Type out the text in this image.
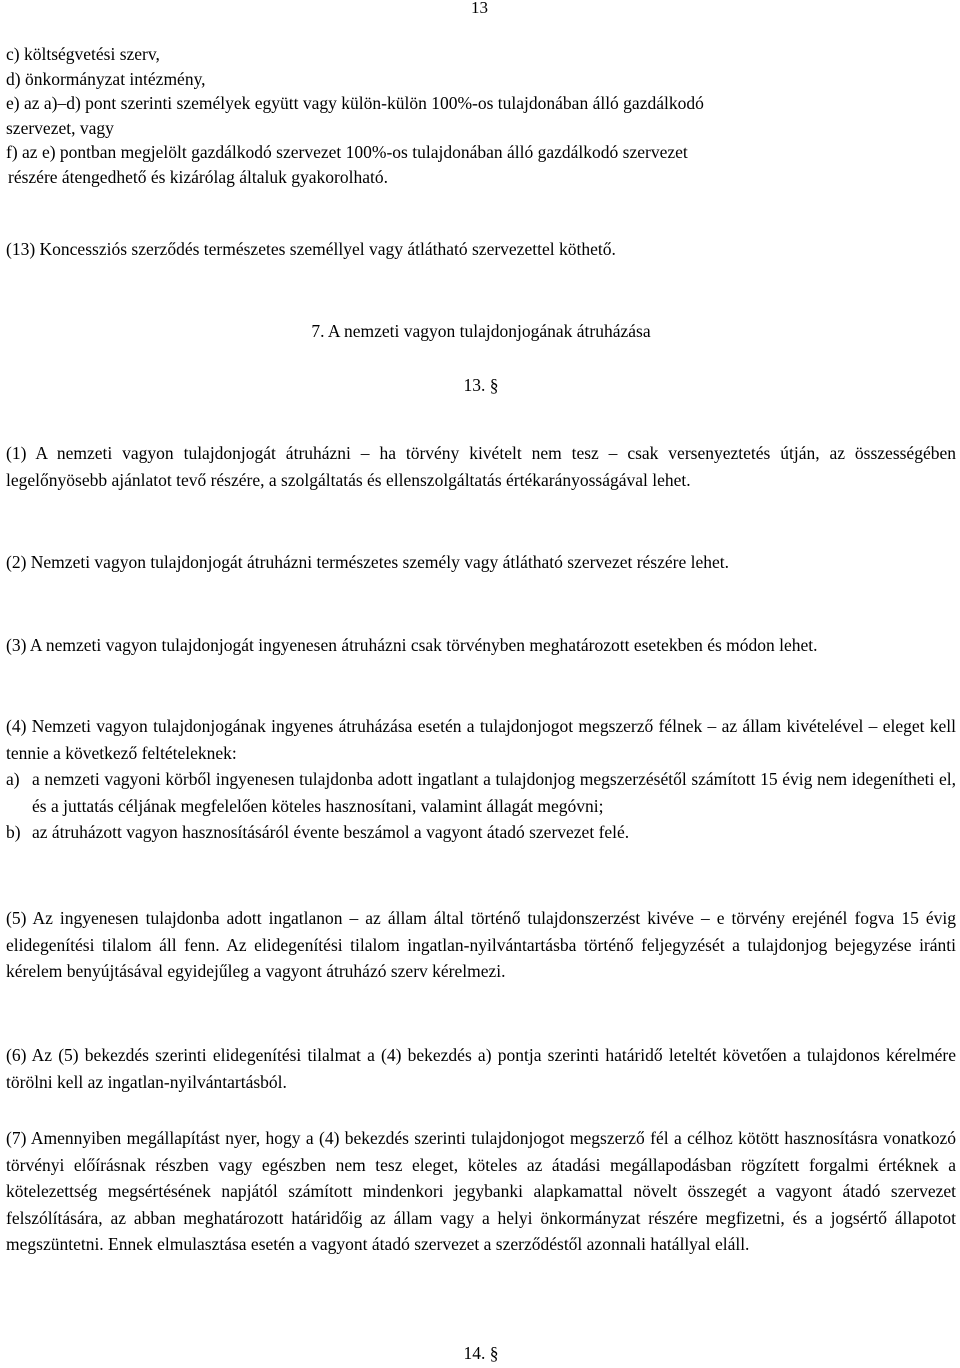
13
c) költségvetési szerv,
d) önkormányzat intézmény,
e) az a)–d) pont szerinti személyek együtt vagy külön-külön 100%-os tulajdonában álló gazdálkodó
szervezet, vagy
f) az e) pontban megjelölt gazdálkodó szervezet 100%-os tulajdonában álló gazdálkodó szervezet
részére átengedhető és kizárólag általuk gyakorolható.

(13) Koncessziós szerződés természetes személlyel vagy átlátható szervezettel köthető.

7. A nemzeti vagyon tulajdonjogának átruházása
13. §

(1) A nemzeti vagyon tulajdonjogát átruházni – ha törvény kivételt nem tesz – csak versenyeztetés útján, az összességében legelőnyösebb ajánlatot tevő részére, a szolgáltatás és ellenszolgáltatás értékarányosságával lehet.

(2) Nemzeti vagyon tulajdonjogát átruházni természetes személy vagy átlátható szervezet részére lehet.

(3) A nemzeti vagyon tulajdonjogát ingyenesen átruházni csak törvényben meghatározott esetekben és módon lehet.

(4) Nemzeti vagyon tulajdonjogának ingyenes átruházása esetén a tulajdonjogot megszerző félnek – az állam kivételével – eleget kell tennie a következő feltételeknek:

a) a nemzeti vagyoni körből ingyenesen tulajdonba adott ingatlant a tulajdonjog megszerzésétől számított 15 évig nem idegenítheti el, és a juttatás céljának megfelelően köteles hasznosítani, valamint állagát megóvni;
b) az átruházott vagyon hasznosításáról évente beszámol a vagyont átadó szervezet felé.

(5) Az ingyenesen tulajdonba adott ingatlanon – az állam által történő tulajdonszerzést kivéve – e törvény erejénél fogva 15 évig elidegenítési tilalom áll fenn. Az elidegenítési tilalom ingatlan-nyilvántartásba történő feljegyzését a tulajdonjog bejegyzése iránti kérelem benyújtásával egyidejűleg a vagyont átruházó szerv kérelmezi.

(6) Az (5) bekezdés szerinti elidegenítési tilalmat a (4) bekezdés a) pontja szerinti határidő leteltét követően a tulajdonos kérelmére törölni kell az ingatlan-nyilvántartásból.

(7) Amennyiben megállapítást nyer, hogy a (4) bekezdés szerinti tulajdonjogot megszerző fél a célhoz kötött hasznosításra vonatkozó törvényi előírásnak részben vagy egészben nem tesz eleget, köteles az átadási megállapodásban rögzített forgalmi értéknek a kötelezettség megsértésének napjától számított mindenkori jegybanki alapkamattal növelt összegét a vagyont átadó szervezet felszólítására, az abban meghatározott határidőig az állam vagy a helyi önkormányzat részére megfizetni, és a jogsértő állapotot megszüntetni. Ennek elmulasztása esetén a vagyont átadó szervezet a szerződéstől azonnali hatállyal eláll.

14. §
